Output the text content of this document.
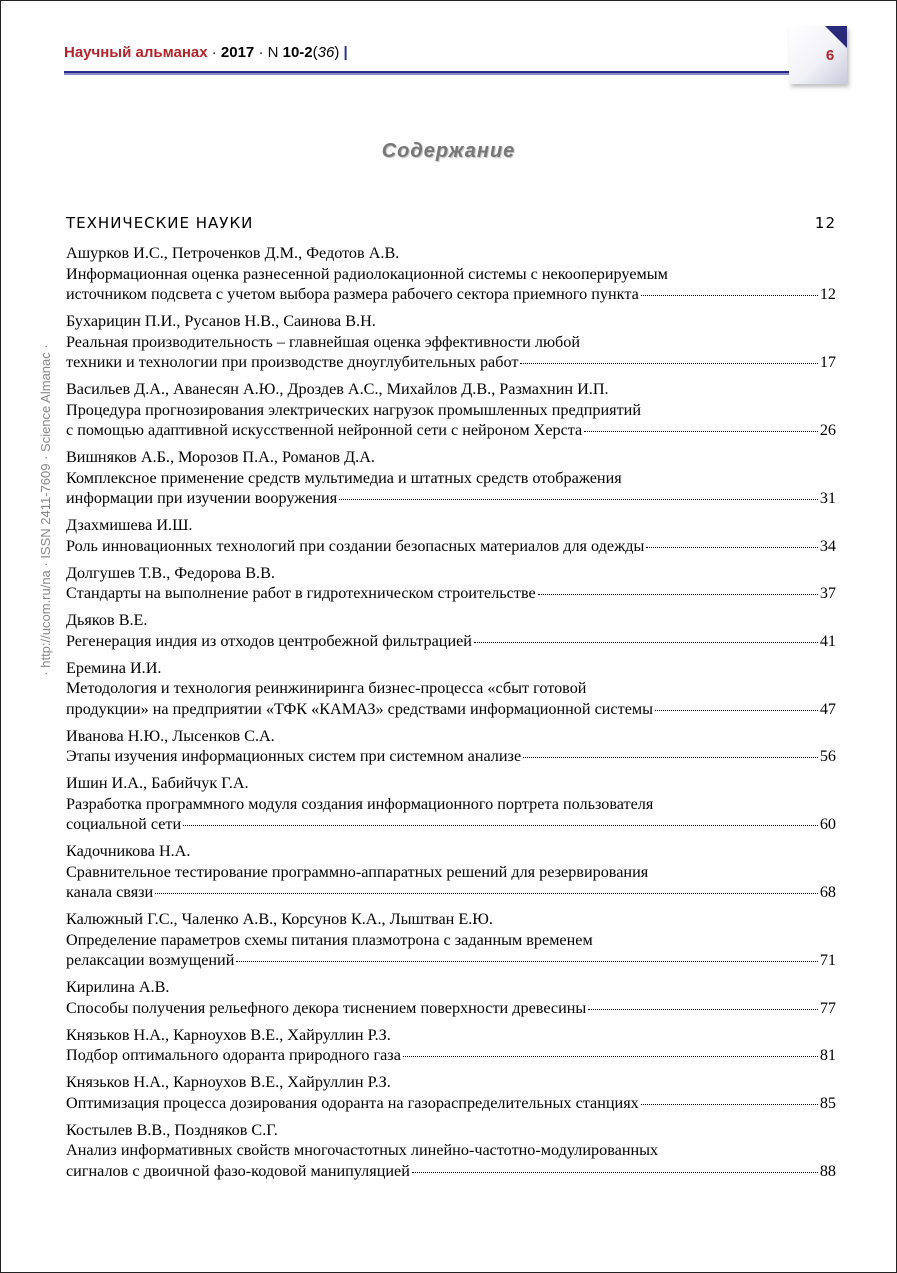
Научный альманах · 2017 · N 10-2(36) |	6
· http://ucom.ru/na · ISSN 2411-7609 · Science Almanac ·
Содержание
ТЕХНИЧЕСКИЕ НАУКИ	12
Ашурков И.С., Петроченков Д.М., Федотов А.В.
Информационная оценка разнесенной радиолокационной системы с некооперируемым
источником подсвета с учетом выбора размера рабочего сектора приемного пункта	12
Бухарицин П.И., Русанов Н.В., Саинова В.Н.
Реальная производительность – главнейшая оценка эффективности любой
техники и технологии при производстве дноуглубительных работ	17
Васильев Д.А., Аванесян А.Ю., Дроздев А.С., Михайлов Д.В., Размахнин И.П.
Процедура прогнозирования электрических нагрузок промышленных предприятий
с помощью адаптивной искусственной нейронной сети с нейроном Херста	26
Вишняков А.Б., Морозов П.А., Романов Д.А.
Комплексное применение средств мультимедиа и штатных средств отображения
информации при изучении вооружения	31
Дзахмишева И.Ш.
Роль инновационных технологий при создании безопасных материалов для одежды	34
Долгушев Т.В., Федорова В.В.
Стандарты на выполнение работ в гидротехническом строительстве	37
Дьяков В.Е.
Регенерация индия из отходов центробежной фильтрацией	41
Еремина И.И.
Методология и технология реинжиниринга бизнес-процесса «сбыт готовой
продукции» на предприятии «ТФК «КАМАЗ» средствами информационной системы	47
Иванова Н.Ю., Лысенков С.А.
Этапы изучения информационных систем при системном анализе	56
Ишин И.А., Бабийчук Г.А.
Разработка программного модуля создания информационного портрета пользователя
социальной сети	60
Кадочникова Н.А.
Сравнительное тестирование программно-аппаратных решений для резервирования
канала связи	68
Калюжный Г.С., Чаленко А.В., Корсунов К.А., Лыштван Е.Ю.
Определение параметров схемы питания плазмотрона с заданным временем
релаксации возмущений	71
Кирилина А.В.
Способы получения рельефного декора тиснением поверхности древесины	77
Князьков Н.А., Карноухов В.Е., Хайруллин Р.З.
Подбор оптимального одоранта природного газа	81
Князьков Н.А., Карноухов В.Е., Хайруллин Р.З.
Оптимизация процесса дозирования одоранта на газораспределительных станциях	85
Костылев В.В., Поздняков С.Г.
Анализ информативных свойств многочастотных линейно-частотно-модулированных
сигналов с двоичной фазо-кодовой манипуляцией	88
